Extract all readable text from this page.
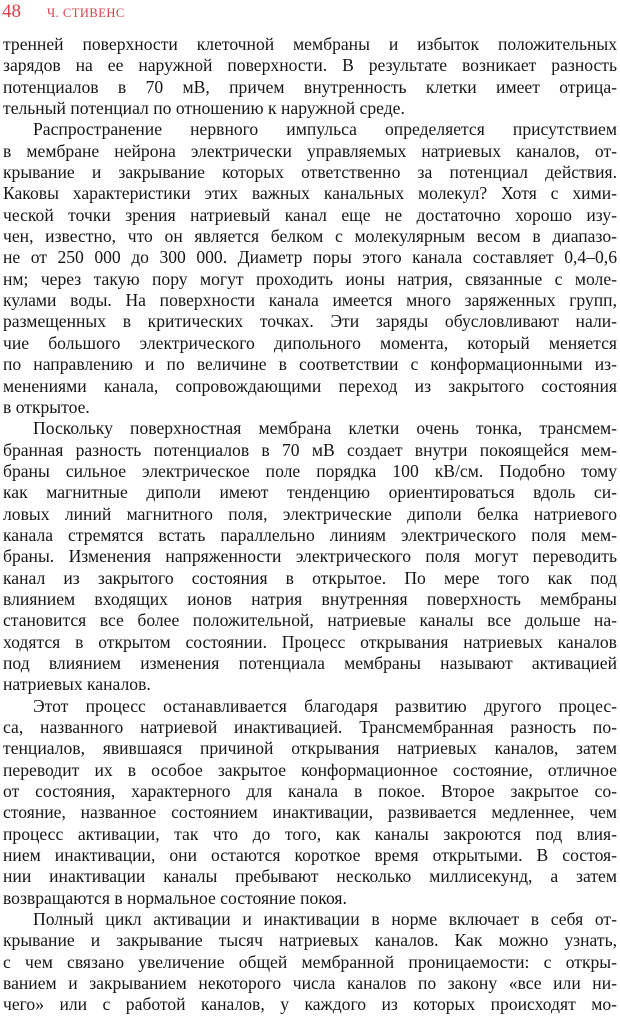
48 Ч. СТИВЕНС
тренней поверхности клеточной мембраны и избыток положительных
зарядов на ее наружной поверхности. В результате возникает разность
потенциалов в 70 мВ, причем внутренность клетки имеет отрица-
тельный потенциал по отношению к наружной среде.
Распространение нервного импульса определяется присутствием
в мембране нейрона электрически управляемых натриевых каналов, от-
крывание и закрывание которых ответственно за потенциал действия.
Каковы характеристики этих важных канальных молекул? Хотя с хими-
ческой точки зрения натриевый канал еще не достаточно хорошо изу-
чен, известно, что он является белком с молекулярным весом в диапазо-
не от 250 000 до 300 000. Диаметр поры этого канала составляет 0,4–0,6
нм; через такую пору могут проходить ионы натрия, связанные с моле-
кулами воды. На поверхности канала имеется много заряженных групп,
размещенных в критических точках. Эти заряды обусловливают нали-
чие большого электрического дипольного момента, который меняется
по направлению и по величине в соответствии с конформационными из-
менениями канала, сопровождающими переход из закрытого состояния
в открытое.
Поскольку поверхностная мембрана клетки очень тонка, трансмем-
бранная разность потенциалов в 70 мВ создает внутри покоящейся мем-
браны сильное электрическое поле порядка 100 кВ/см. Подобно тому
как магнитные диполи имеют тенденцию ориентироваться вдоль си-
ловых линий магнитного поля, электрические диполи белка натриевого
канала стремятся встать параллельно линиям электрического поля мем-
браны. Изменения напряженности электрического поля могут переводить
канал из закрытого состояния в открытое. По мере того как под
влиянием входящих ионов натрия внутренняя поверхность мембраны
становится все более положительной, натриевые каналы все дольше на-
ходятся в открытом состоянии. Процесс открывания натриевых каналов
под влиянием изменения потенциала мембраны называют активацией
натриевых каналов.
Этот процесс останавливается благодаря развитию другого процес-
са, названного натриевой инактивацией. Трансмембранная разность по-
тенциалов, явившаяся причиной открывания натриевых каналов, затем
переводит их в особое закрытое конформационное состояние, отличное
от состояния, характерного для канала в покое. Второе закрытое со-
стояние, названное состоянием инактивации, развивается медленнее, чем
процесс активации, так что до того, как каналы закроются под влия-
нием инактивации, они остаются короткое время открытыми. В состоя-
нии инактивации каналы пребывают несколько миллисекунд, а затем
возвращаются в нормальное состояние покоя.
Полный цикл активации и инактивации в норме включает в себя от-
крывание и закрывание тысяч натриевых каналов. Как можно узнать,
с чем связано увеличение общей мембранной проницаемости: с откры-
ванием и закрыванием некоторого числа каналов по закону «все или ни-
чего» или с работой каналов, у каждого из которых происходят мо-
